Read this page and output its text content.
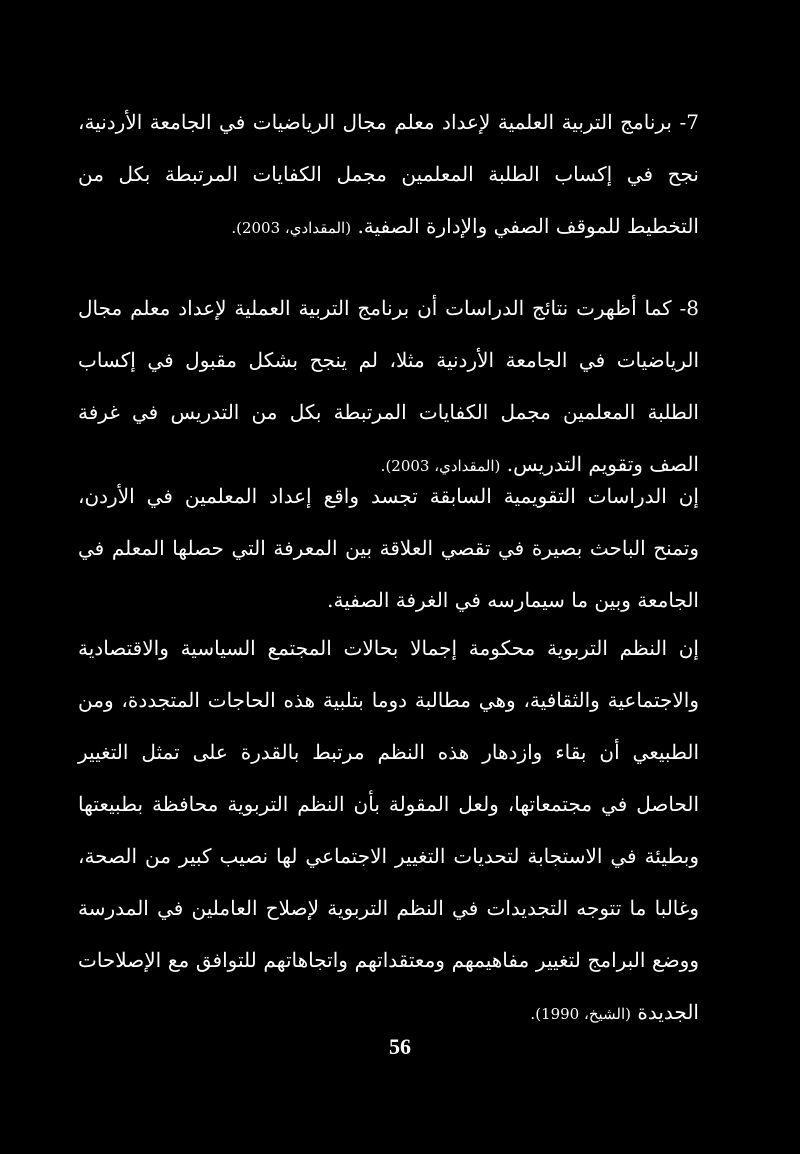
7- برنامج التربية العلمية لإعداد معلم مجال الرياضيات في الجامعة الأردنية، نجح في إكساب الطلبة المعلمين مجمل الكفايات المرتبطة بكل من التخطيط للموقف الصفي والإدارة الصفية. (المقدادي، 2003).

8- كما أظهرت نتائج الدراسات أن برنامج التربية العملية لإعداد معلم مجال الرياضيات في الجامعة الأردنية مثلا، لم ينجح بشكل مقبول في إكساب الطلبة المعلمين مجمل الكفايات المرتبطة بكل من التدريس في غرفة الصف وتقويم التدريس. (المقدادي، 2003).

إن الدراسات التقويمية السابقة تجسد واقع إعداد المعلمين في الأردن، وتمنح الباحث بصيرة في تقصي العلاقة بين المعرفة التي حصلها المعلم في الجامعة وبين ما سيمارسه في الغرفة الصفية.

إن النظم التربوية محكومة إجمالا بحالات المجتمع السياسية والاقتصادية والاجتماعية والثقافية، وهي مطالبة دوما بتلبية هذه الحاجات المتجددة، ومن الطبيعي أن بقاء وازدهار هذه النظم مرتبط بالقدرة على تمثل التغيير الحاصل في مجتمعاتها، ولعل المقولة بأن النظم التربوية محافظة بطبيعتها وبطيئة في الاستجابة لتحديات التغيير الاجتماعي لها نصيب كبير من الصحة، وغالبا ما تتوجه التجديدات في النظم التربوية لإصلاح العاملين في المدرسة ووضع البرامج لتغيير مفاهيمهم ومعتقداتهم واتجاهاتهم للتوافق مع الإصلاحات الجديدة (الشيخ، 1990).

56
